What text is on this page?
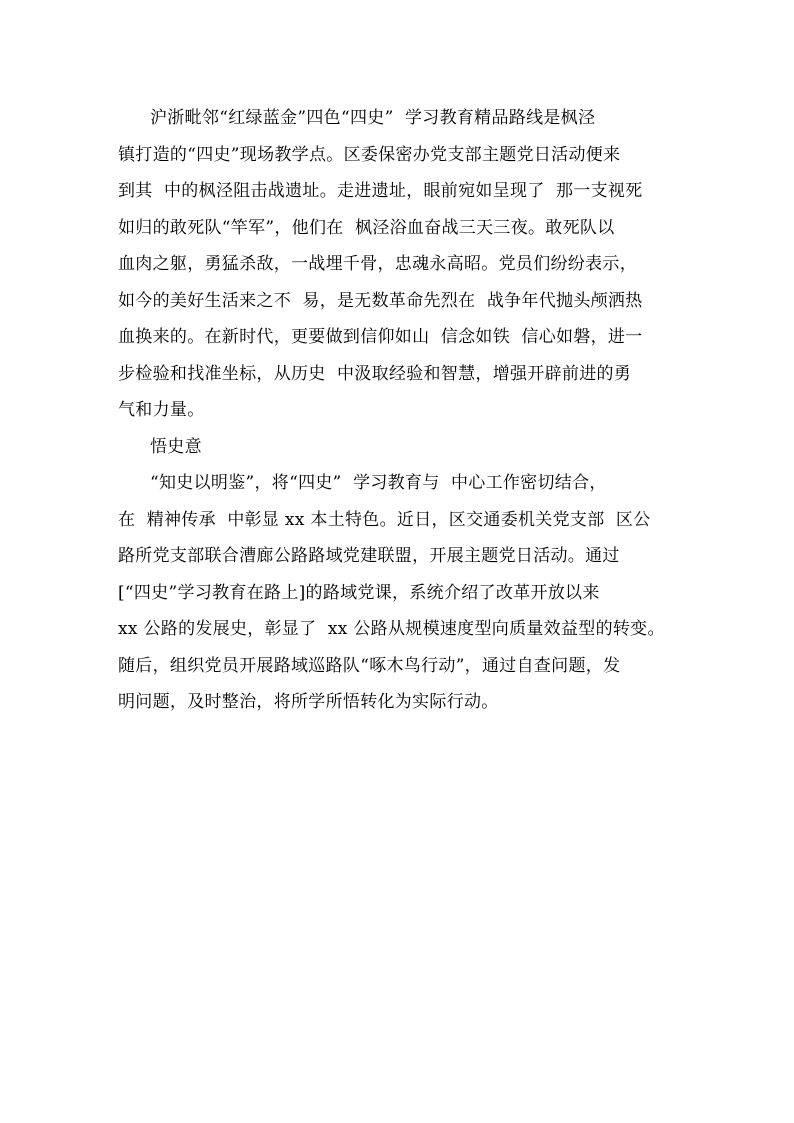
沪浙毗邻“红绿蓝金”四色“四史”  学习教育精品路线是枫泾
镇打造的“四史”现场教学点。区委保密办党支部主题党日活动便来
到其  中的枫泾阻击战遗址。走进遗址，眼前宛如呈现了  那一支视死
如归的敢死队“竿军”，他们在  枫泾浴血奋战三天三夜。敢死队以
血肉之躯，勇猛杀敌，一战埋千骨，忠魂永高昭。党员们纷纷表示，
如今的美好生活来之不  易，是无数革命先烈在  战争年代抛头颅洒热
血换来的。在新时代，更要做到信仰如山  信念如铁  信心如磐，进一
步检验和找准坐标，从历史  中汲取经验和智慧，增强开辟前进的勇
气和力量。
悟史意
“知史以明鉴”，将“四史”  学习教育与  中心工作密切结合，
在  精神传承  中彰显 xx 本土特色。近日，区交通委机关党支部  区公
路所党支部联合漕廊公路路域党建联盟，开展主题党日活动。通过
[“四史”学习教育在路上]的路域党课，系统介绍了改革开放以来
xx 公路的发展史，彰显了  xx 公路从规模速度型向质量效益型的转变。
随后，组织党员开展路域巡路队“啄木鸟行动”，通过自查问题，发
明问题，及时整治，将所学所悟转化为实际行动。
